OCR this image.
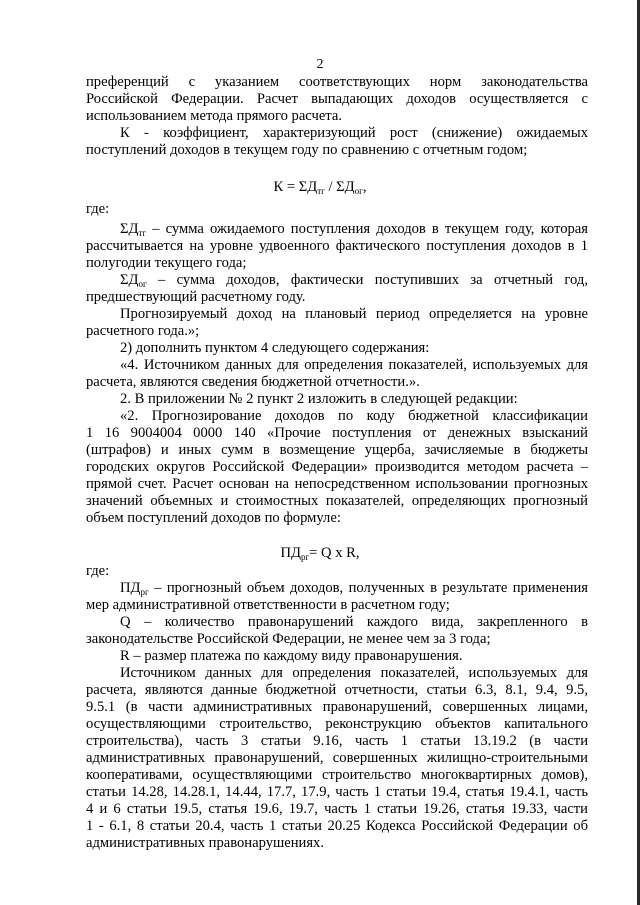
2
преференций с указанием соответствующих норм законодательства
Российской Федерации. Расчет выпадающих доходов осуществляется с
использованием метода прямого расчета.
К - коэффициент, характеризующий рост (снижение) ожидаемых
поступлений доходов в текущем году по сравнению с отчетным годом;
$К = \Sigma Д_{тг} / \Sigma Д_{ог}$,
где:
$\Sigma Д_{тг}$ – сумма ожидаемого поступления доходов в текущем году, которая
рассчитывается на уровне удвоенного фактического поступления доходов в 1
полугодии текущего года;
$\Sigma Д_{ог}$ – сумма доходов, фактически поступивших за отчетный год,
предшествующий расчетному году.
Прогнозируемый доход на плановый период определяется на уровне
расчетного года.»;
2) дополнить пунктом 4 следующего содержания:
«4. Источником данных для определения показателей, используемых для
расчета, являются сведения бюджетной отчетности.».
2. В приложении № 2 пункт 2 изложить в следующей редакции:
«2. Прогнозирование доходов по коду бюджетной классификации
1 16 9004004 0000 140 «Прочие поступления от денежных взысканий
(штрафов) и иных сумм в возмещение ущерба, зачисляемые в бюджеты
городских округов Российской Федерации» производится методом расчета –
прямой счет. Расчет основан на непосредственном использовании прогнозных
значений объемных и стоимостных показателей, определяющих прогнозный
объем поступлений доходов по формуле:
$ПД_{рг}= Q$ x R,
где:
$ПД_{рг}$ – прогнозный объем доходов, полученных в результате применения
мер административной ответственности в расчетном году;
Q – количество правонарушений каждого вида, закрепленного в
законодательстве Российской Федерации, не менее чем за 3 года;
R – размер платежа по каждому виду правонарушения.
Источником данных для определения показателей, используемых для
расчета, являются данные бюджетной отчетности, статьи 6.3, 8.1, 9.4, 9.5,
9.5.1 (в части административных правонарушений, совершенных лицами,
осуществляющими строительство, реконструкцию объектов капитального
строительства), часть 3 статьи 9.16, часть 1 статьи 13.19.2 (в части
административных правонарушений, совершенных жилищно-строительными
кооперативами, осуществляющими строительство многоквартирных домов),
статьи 14.28, 14.28.1, 14.44, 17.7, 17.9, часть 1 статьи 19.4, статья 19.4.1, часть
4 и 6 статьи 19.5, статья 19.6, 19.7, часть 1 статьи 19.26, статья 19.33, части
1 - 6.1, 8 статьи 20.4, часть 1 статьи 20.25 Кодекса Российской Федерации об
административных правонарушениях.
